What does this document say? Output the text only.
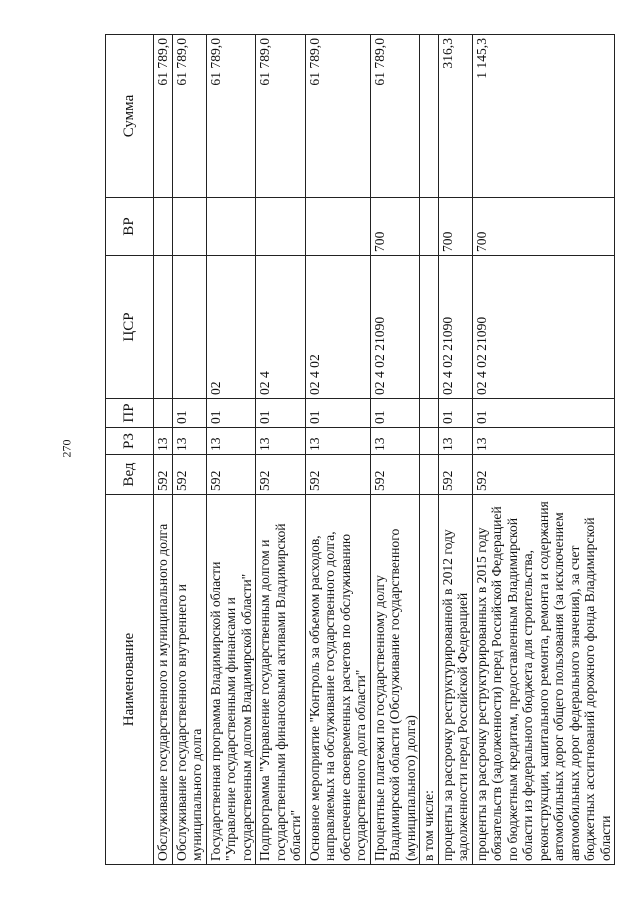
270
Наименование	Вед	РЗ	ПР	ЦСР	ВР	Сумма
Обслуживание государственного и муниципального долга	592	13				61 789,0
Обслуживание государственного внутреннего и муниципального долга	592	13	01			61 789,0
Государственная программа Владимирской области "Управление государственными финансами и государственным долгом Владимирской области"	592	13	01	02		61 789,0
Подпрограмма "Управление государственным долгом и государственными финансовыми активами Владимирской области"	592	13	01	02 4		61 789,0
Основное мероприятие "Контроль за объемом расходов, направляемых на обслуживание государственного долга, обеспечение своевременных расчетов по обслуживанию государственного долга области"	592	13	01	02 4 02		61 789,0
Процентные платежи по государственному долгу Владимирской области (Обслуживание государственного (муниципального) долга)	592	13	01	02 4 02 21090	700	61 789,0
в том числе:						
проценты за рассрочку реструктурированной в 2012 году задолженности перед Российской Федерацией	592	13	01	02 4 02 21090	700	316,3
проценты за рассрочку реструктурированных в 2015 году обязательств (задолженности) перед Российской Федерацией по бюджетным кредитам, предоставленным Владимирской области из федерального бюджета для строительства, реконструкции, капитального ремонта, ремонта и содержания автомобильных дорог общего пользования (за исключением автомобильных дорог федерального значения), за счет бюджетных ассигнований дорожного фонда Владимирской области	592	13	01	02 4 02 21090	700	1 145,3
